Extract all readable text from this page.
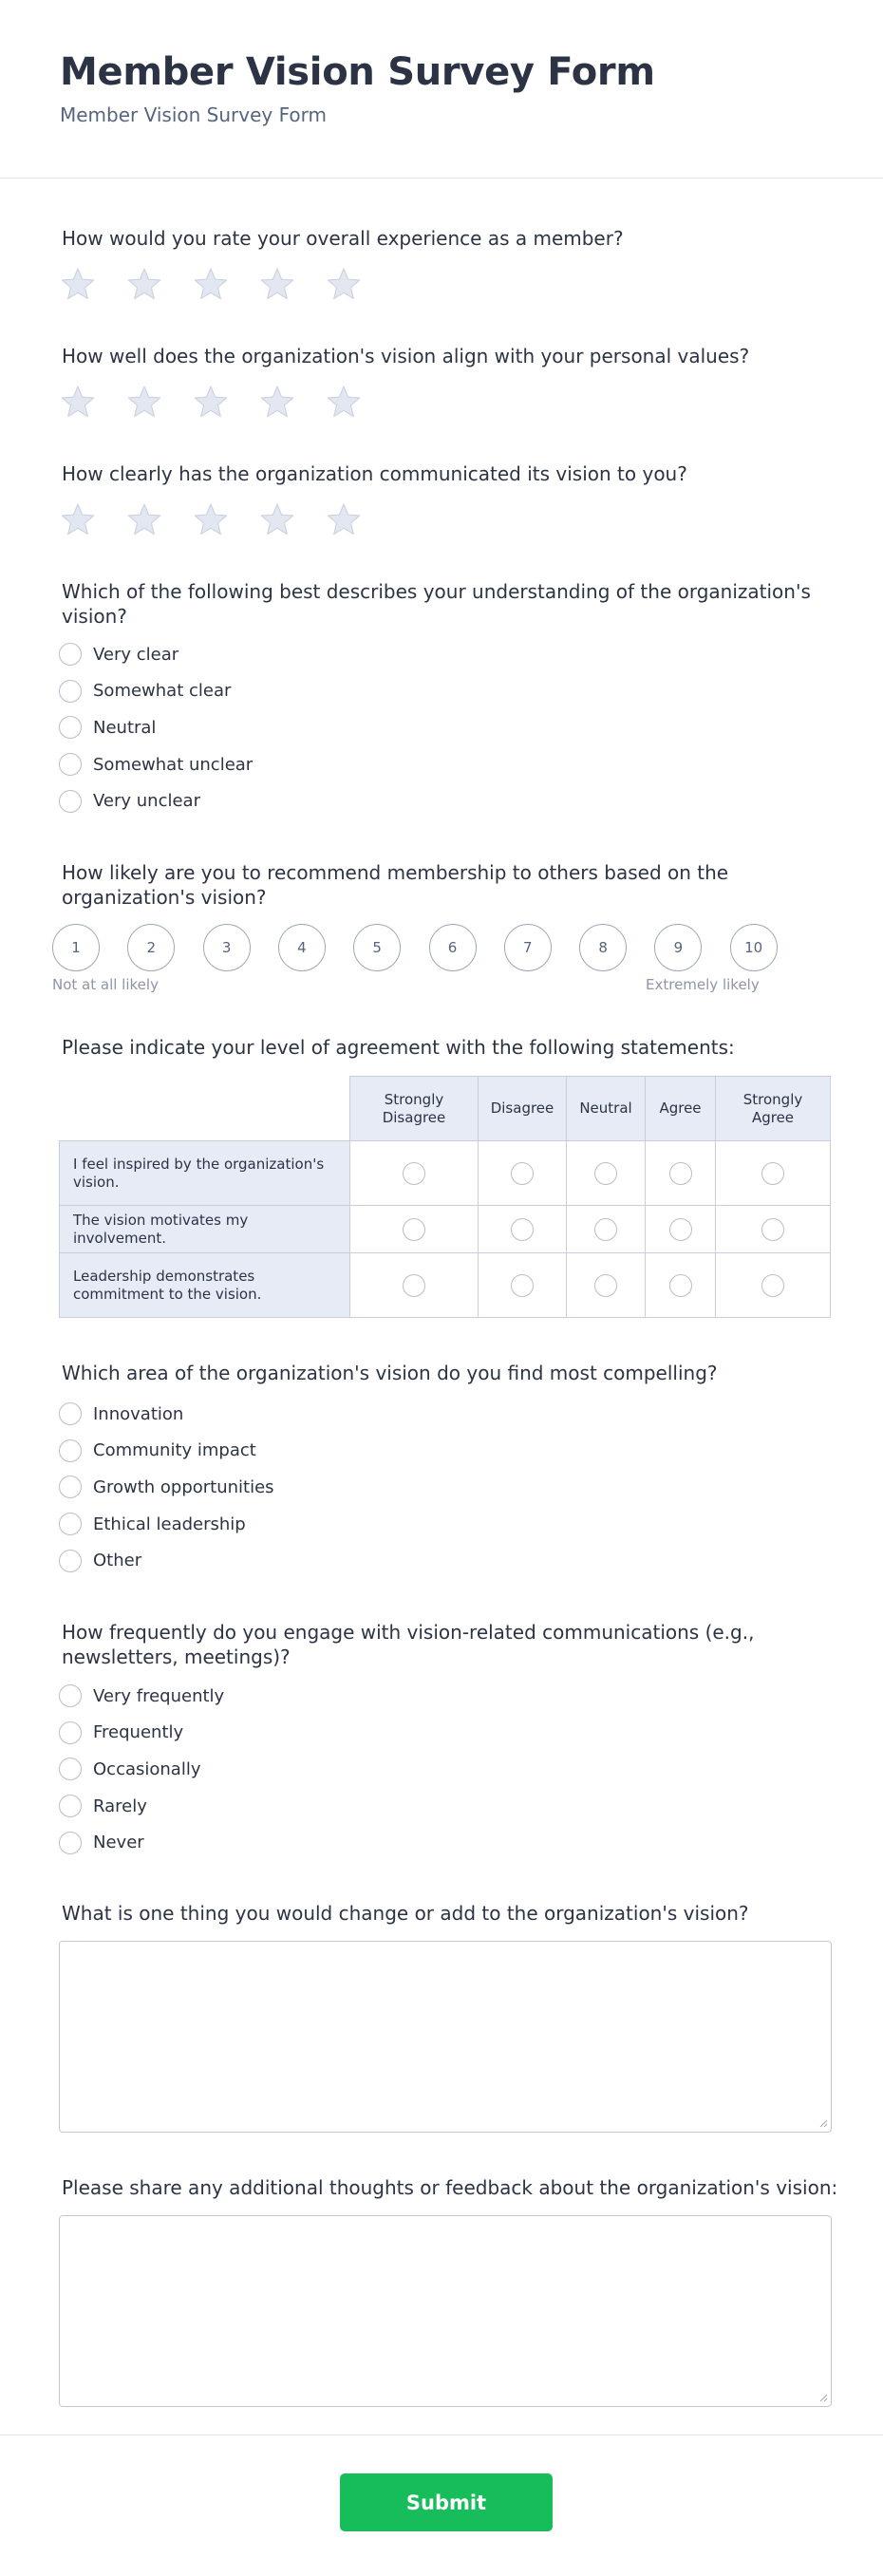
Member Vision Survey Form
Member Vision Survey Form
How would you rate your overall experience as a member?
How well does the organization's vision align with your personal values?
How clearly has the organization communicated its vision to you?
Which of the following best describes your understanding of the organization's vision?
Very clear
Somewhat clear
Neutral
Somewhat unclear
Very unclear
How likely are you to recommend membership to others based on the organization's vision?
1	2	3	4	5	6	7	8	9	10
Not at all likely	Extremely likely
Please indicate your level of agreement with the following statements:
	Strongly Disagree	Disagree	Neutral	Agree	Strongly Agree
I feel inspired by the organization's vision.					
The vision motivates my involvement.					
Leadership demonstrates commitment to the vision.					
Which area of the organization's vision do you find most compelling?
Innovation
Community impact
Growth opportunities
Ethical leadership
Other
How frequently do you engage with vision-related communications (e.g., newsletters, meetings)?
Very frequently
Frequently
Occasionally
Rarely
Never
What is one thing you would change or add to the organization's vision?
Please share any additional thoughts or feedback about the organization's vision:
Submit
